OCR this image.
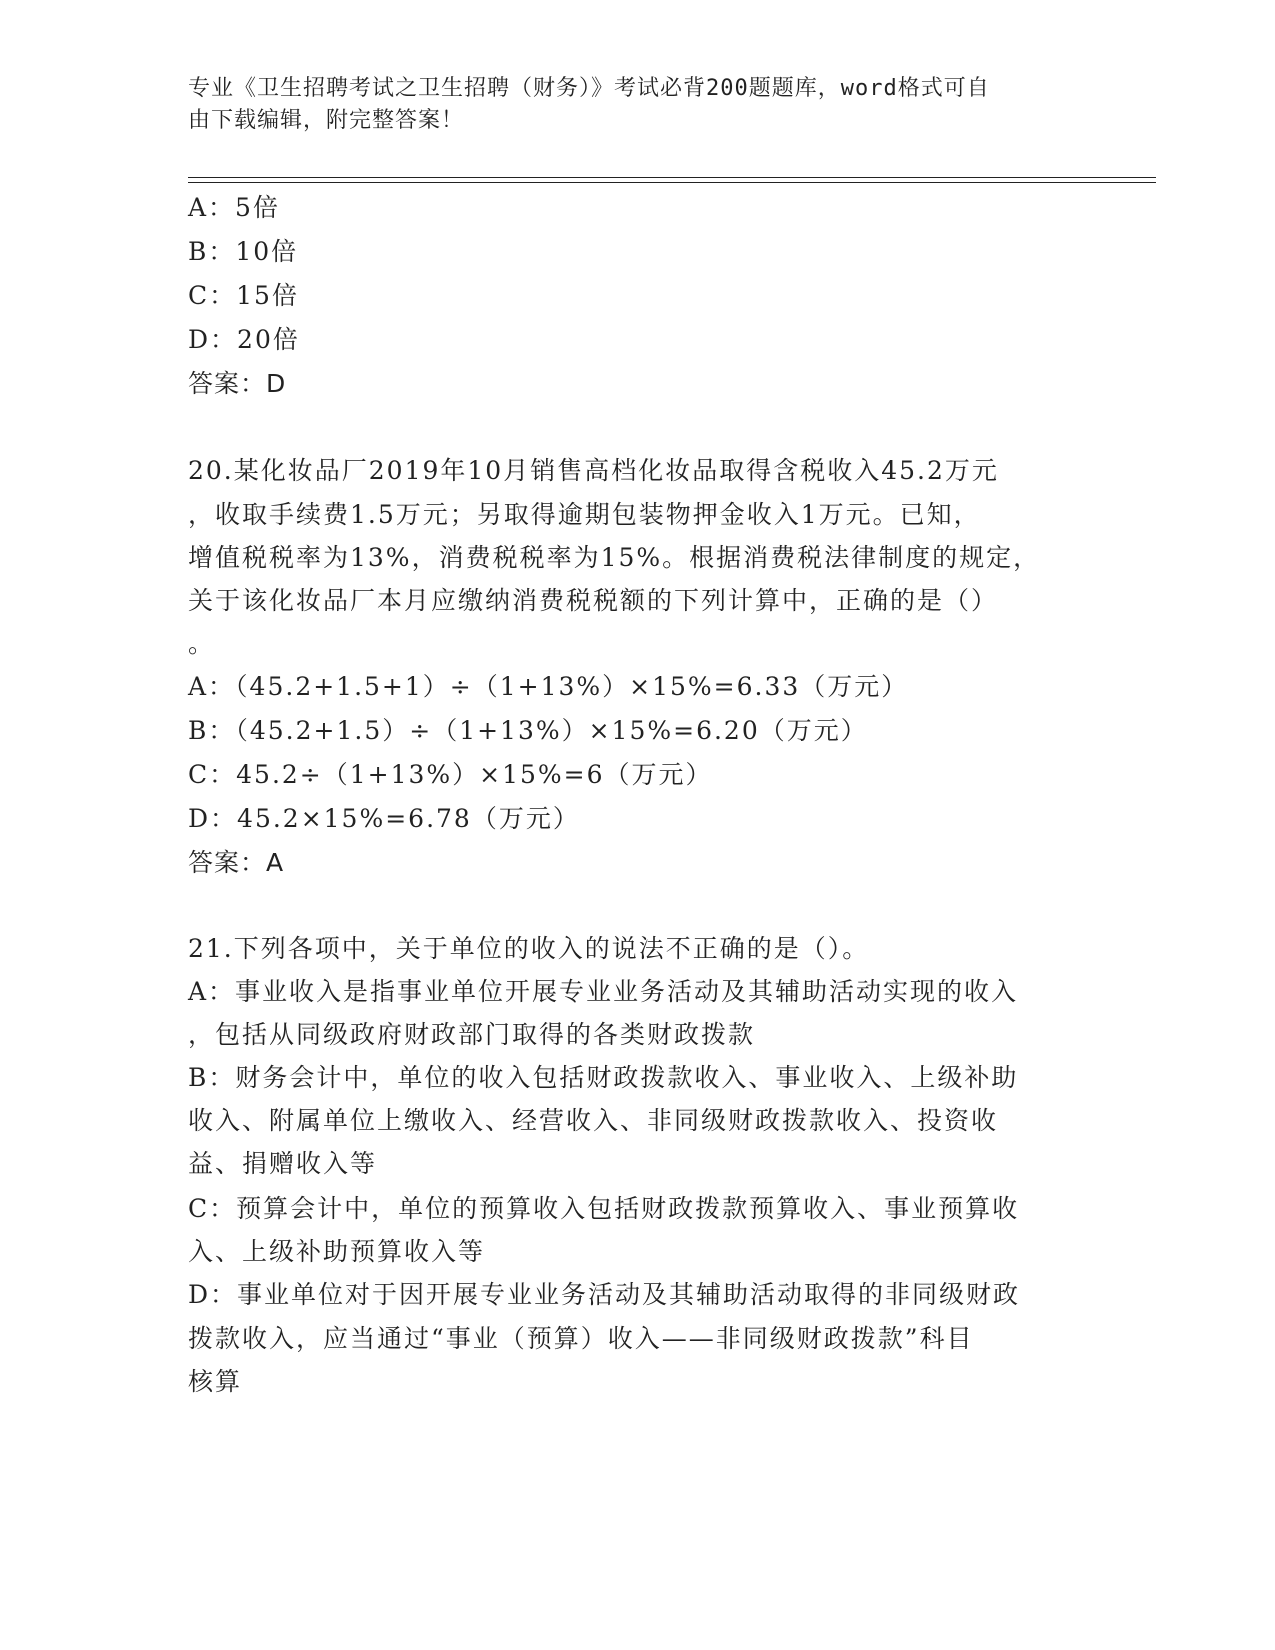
专业《卫生招聘考试之卫生招聘（财务）》考试必背200题题库，word格式可自
由下载编辑，附完整答案！
A：5倍
B：10倍
C：15倍
D：20倍
答案：D
20.某化妆品厂2019年10月销售高档化妆品取得含税收入45.2万元
，收取手续费1.5万元；另取得逾期包装物押金收入1万元。已知，
增值税税率为13%，消费税税率为15%。根据消费税法律制度的规定，
关于该化妆品厂本月应缴纳消费税税额的下列计算中，正确的是（）
。
A：（45.2+1.5+1）÷（1+13%）×15%=6.33（万元）
B：（45.2+1.5）÷（1+13%）×15%=6.20（万元）
C：45.2÷（1+13%）×15%=6（万元）
D：45.2×15%=6.78（万元）
答案：A
21.下列各项中，关于单位的收入的说法不正确的是（）。
A：事业收入是指事业单位开展专业业务活动及其辅助活动实现的收入
，包括从同级政府财政部门取得的各类财政拨款
B：财务会计中，单位的收入包括财政拨款收入、事业收入、上级补助
收入、附属单位上缴收入、经营收入、非同级财政拨款收入、投资收
益、捐赠收入等
C：预算会计中，单位的预算收入包括财政拨款预算收入、事业预算收
入、上级补助预算收入等
D：事业单位对于因开展专业业务活动及其辅助活动取得的非同级财政
拨款收入，应当通过“事业（预算）收入——非同级财政拨款”科目
核算
